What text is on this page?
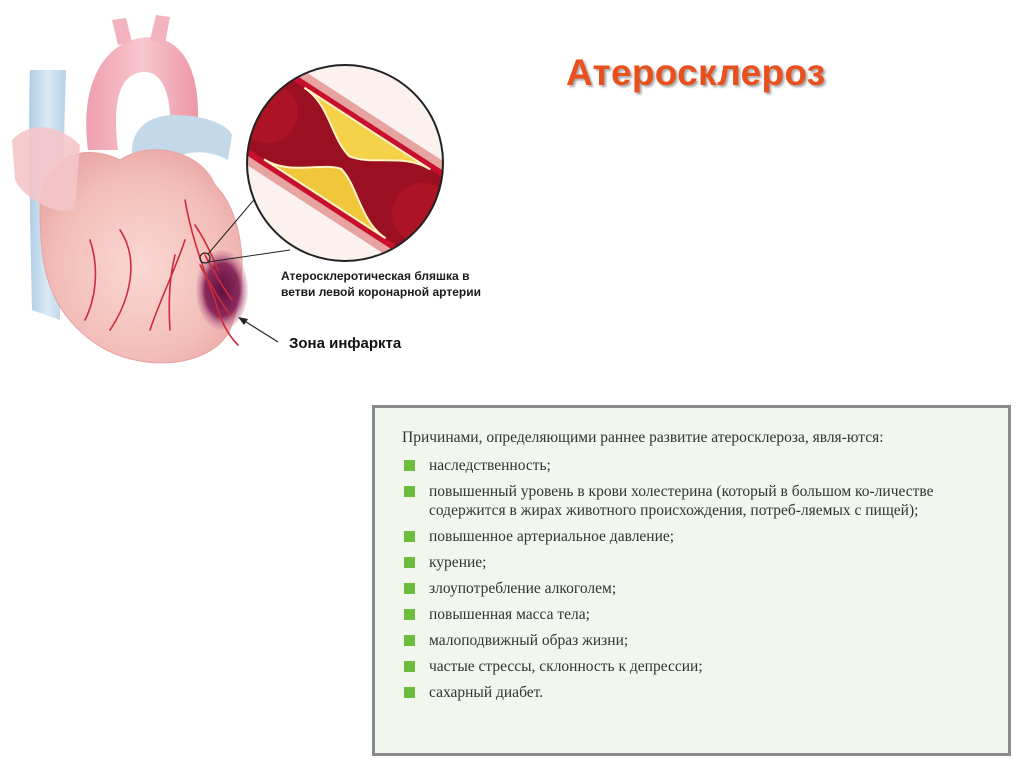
Атеросклероз
Атеросклеротическая бляшка в
ветви левой коронарной артерии
Зона инфаркта

Причинами, определяющими раннее развитие атеросклероза, явля-ются:

наследственность;
повышенный уровень в крови холестерина (который в большом ко-личестве содержится в жирах животного происхождения, потреб-ляемых с пищей);
повышенное артериальное давление;
курение;
злоупотребление алкоголем;
повышенная масса тела;
малоподвижный образ жизни;
частые стрессы, склонность к депрессии;
сахарный диабет.
